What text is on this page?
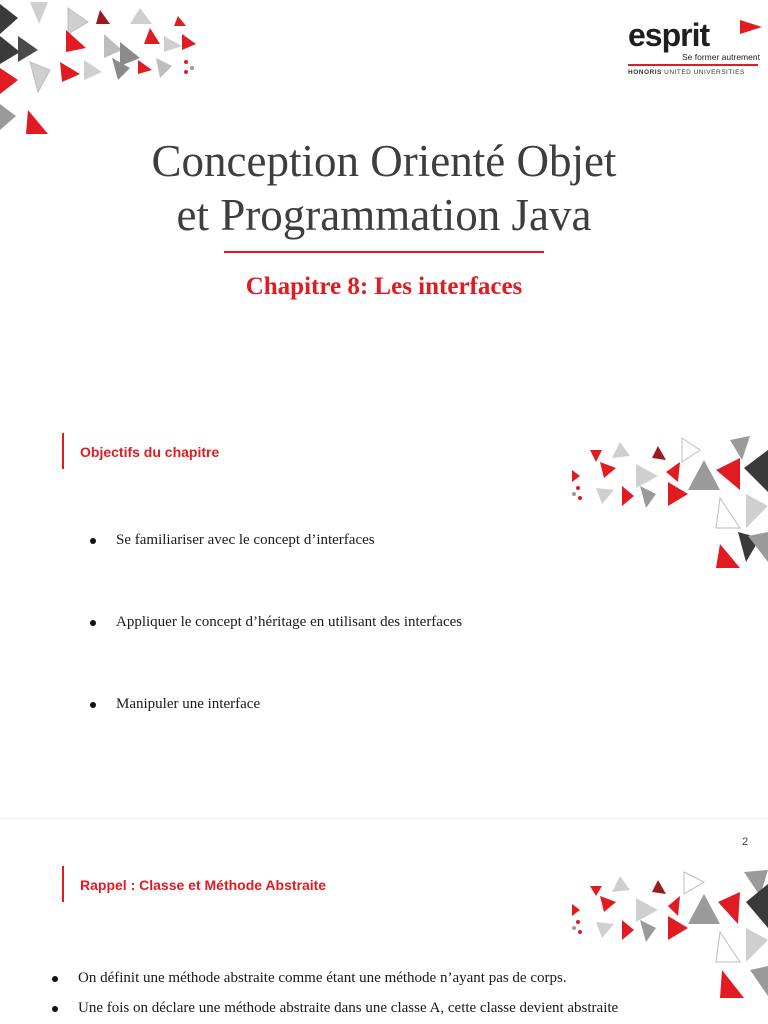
esprit
Se former autrement
HONORIS UNITED UNIVERSITIES
Conception Orienté Objet
et Programmation Java
Chapitre 8: Les interfaces
Objectifs du chapitre
Se familiariser avec le concept d’interfaces
Appliquer le concept d’héritage en utilisant des interfaces
Manipuler une interface
2
Rappel : Classe et Méthode Abstraite
On définit une méthode abstraite comme étant une méthode n’ayant pas de corps.
Une fois on déclare une méthode abstraite dans une classe A, cette classe devient abstraite
